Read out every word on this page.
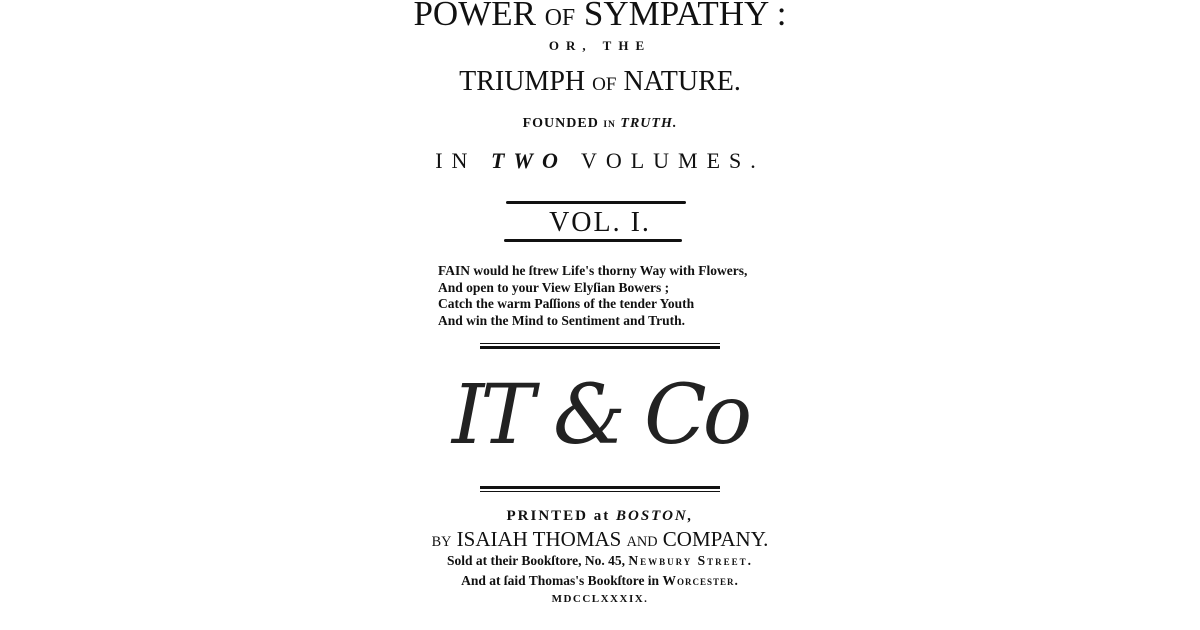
POWER OF SYMPATHY :
OR, THE
TRIUMPH OF NATURE.
FOUNDED IN TRUTH.
IN TWO VOLUMES.
VOL. I.
FAIN would he ſtrew Life's thorny Way with Flowers,
And open to your View Elyſian Bowers ;
Catch the warm Paſſions of the tender Youth
And win the Mind to Sentiment and Truth.
IT & Co
PRINTED at BOSTON,
BY ISAIAH THOMAS AND COMPANY.
Sold at their Bookſtore, No. 45, Newbury Street.
And at ſaid Thomas's Bookſtore in Worcester.
MDCCLXXXIX.
